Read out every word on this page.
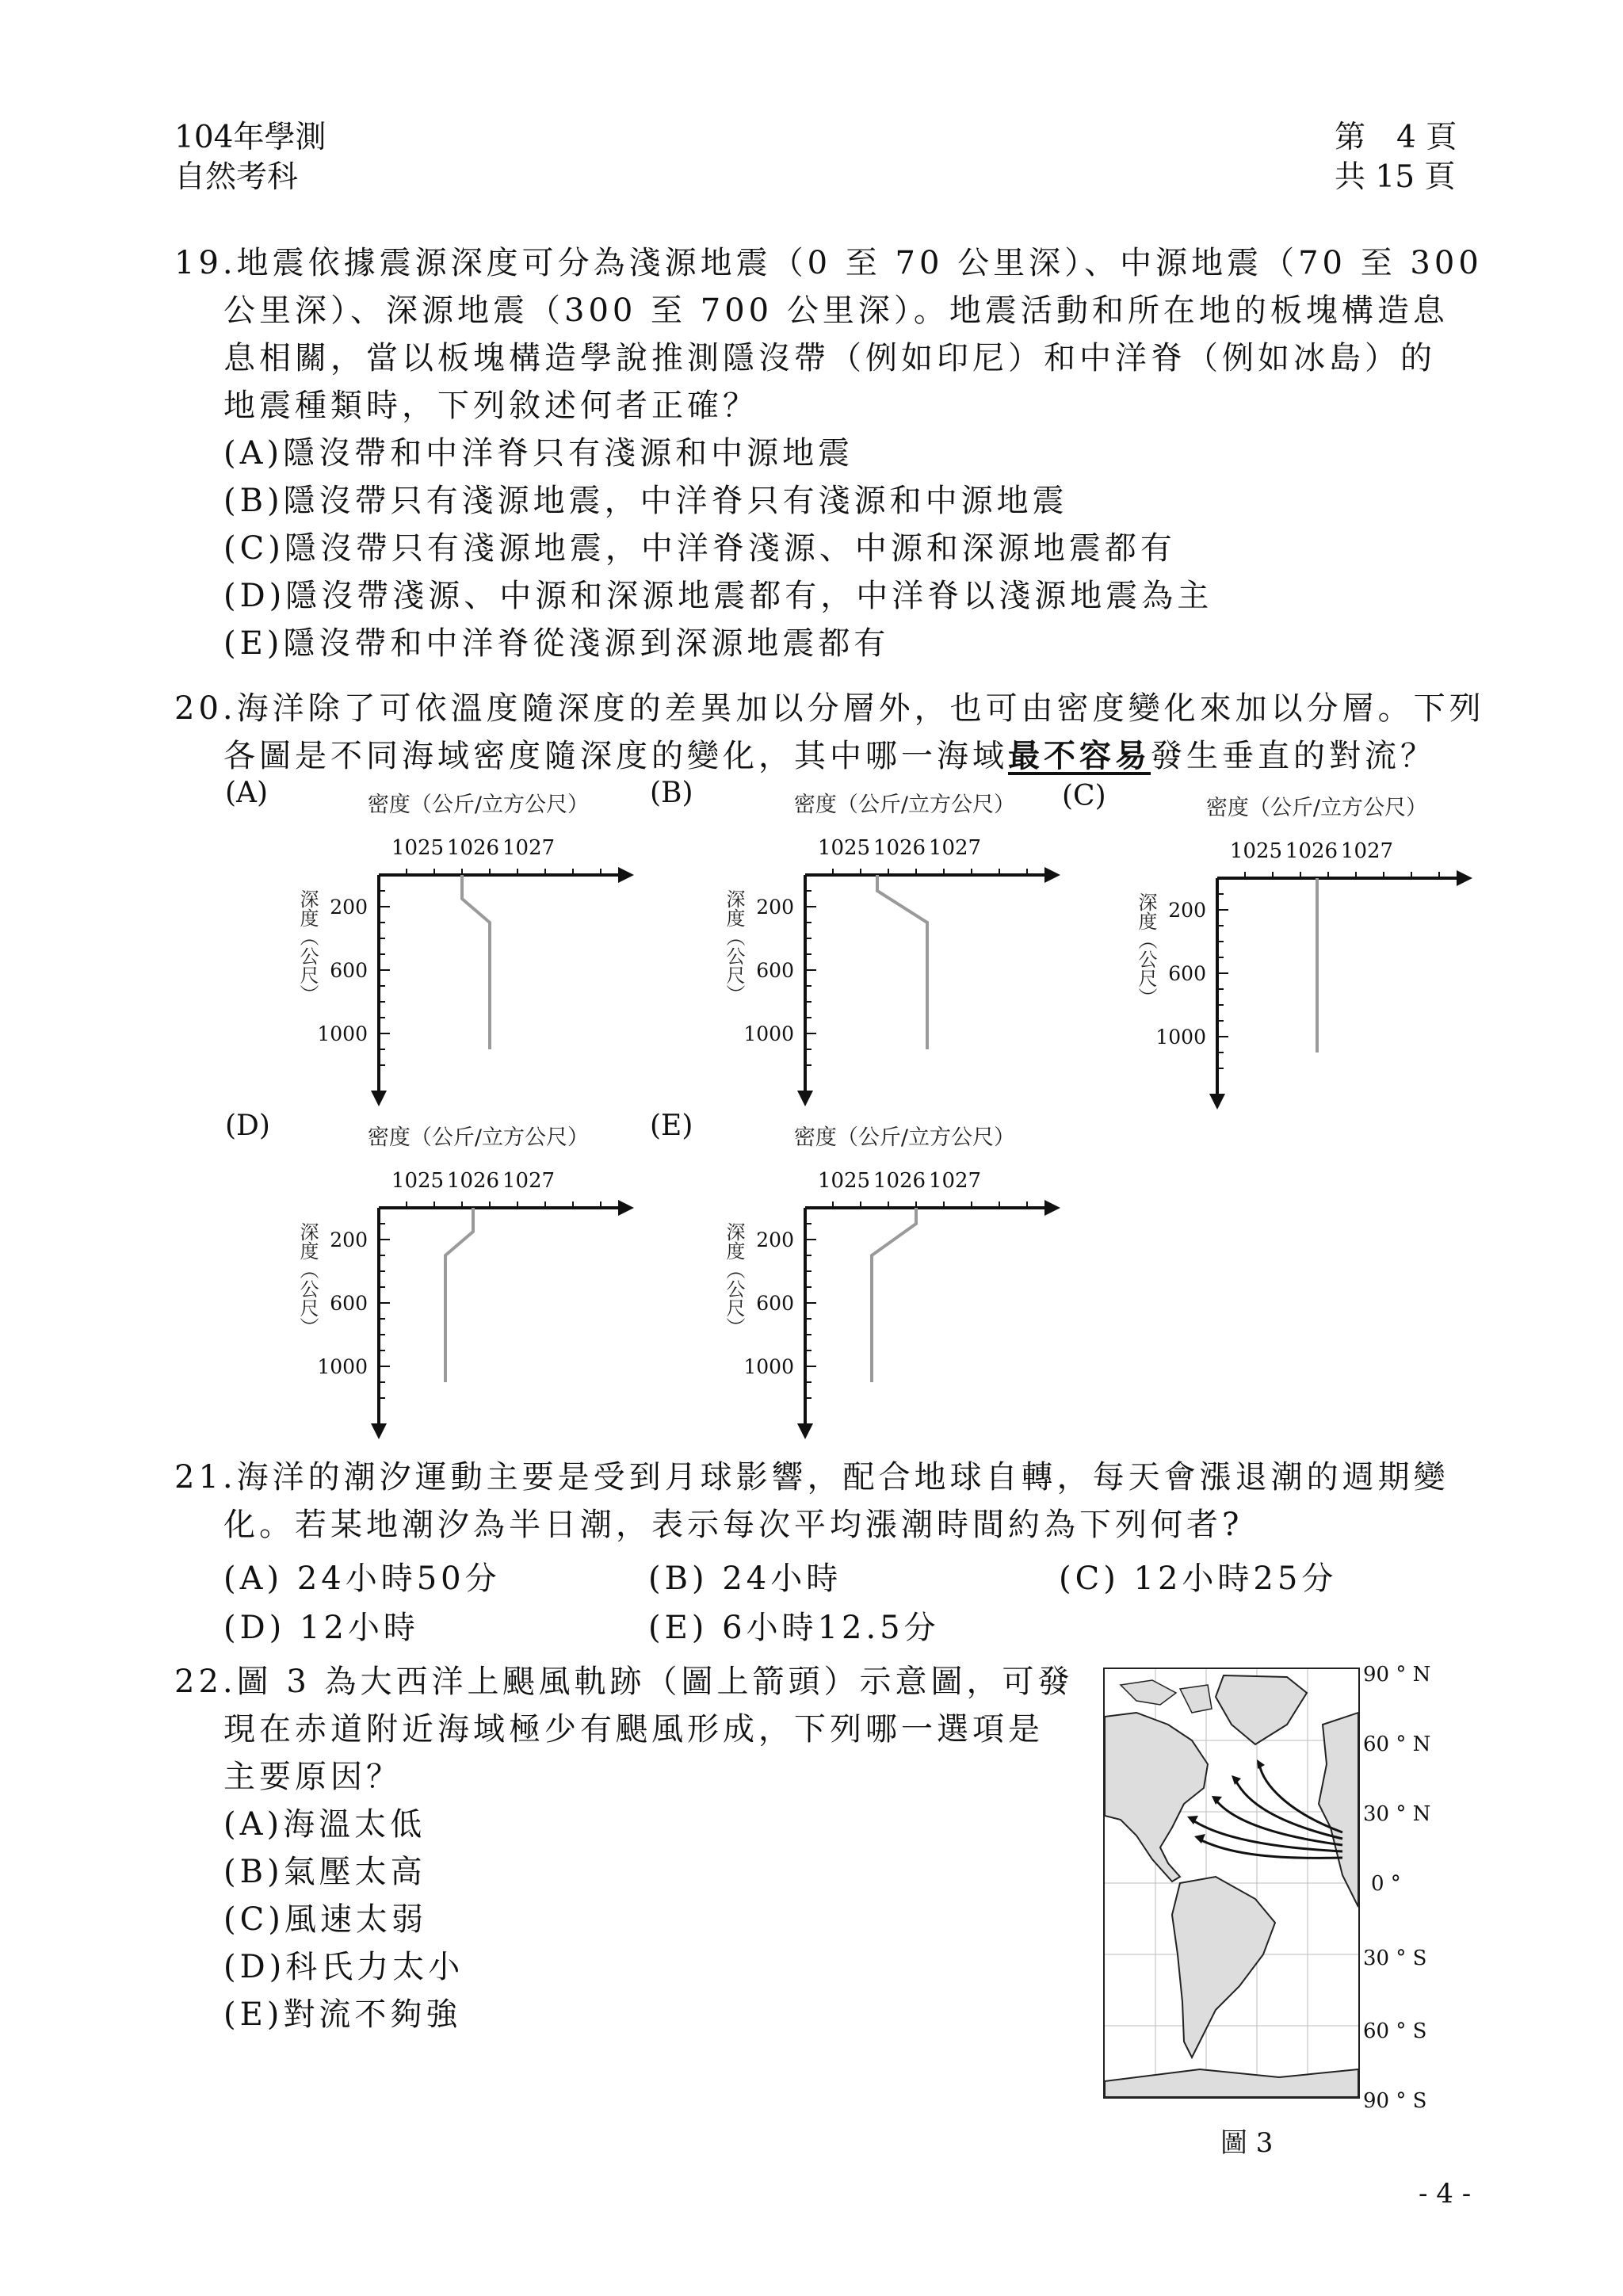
104年學測
自然考科
第　4 頁
共 15 頁
19.地震依據震源深度可分為淺源地震（0 至 70 公里深）、中源地震（70 至 300
公里深）、深源地震（300 至 700 公里深）。地震活動和所在地的板塊構造息
息相關，當以板塊構造學說推測隱沒帶（例如印尼）和中洋脊（例如冰島）的
地震種類時，下列敘述何者正確？
(A)隱沒帶和中洋脊只有淺源和中源地震
(B)隱沒帶只有淺源地震，中洋脊只有淺源和中源地震
(C)隱沒帶只有淺源地震，中洋脊淺源、中源和深源地震都有
(D)隱沒帶淺源、中源和深源地震都有，中洋脊以淺源地震為主
(E)隱沒帶和中洋脊從淺源到深源地震都有
20.海洋除了可依溫度隨深度的差異加以分層外，也可由密度變化來加以分層。下列
各圖是不同海域密度隨深度的變化，其中哪一海域最不容易發生垂直的對流？
(A)	密度（公斤/立方公尺）
1025 1026 1027
200
600
1000
深度（公尺）
(B)	密度（公斤/立方公尺）
1025 1026 1027
200
600
1000
深度（公尺）
(C)	密度（公斤/立方公尺）
1025 1026 1027
200
600
1000
深度（公尺）
(D)	密度（公斤/立方公尺）
1025 1026 1027
200
600
1000
深度（公尺）
(E)	密度（公斤/立方公尺）
1025 1026 1027
200
600
1000
深度（公尺）
21.海洋的潮汐運動主要是受到月球影響，配合地球自轉，每天會漲退潮的週期變
化。若某地潮汐為半日潮，表示每次平均漲潮時間約為下列何者?
(A) 24小時50分	(B) 24小時	(C) 12小時25分
(D) 12小時	(E) 6小時12.5分
22.圖 3 為大西洋上颶風軌跡（圖上箭頭）示意圖，可發
現在赤道附近海域極少有颶風形成，下列哪一選項是
主要原因？
(A)海溫太低
(B)氣壓太高
(C)風速太弱
(D)科氏力太小
(E)對流不夠強
90 ° N
60 ° N
30 ° N
0 °
30 ° S
60 ° S
90 ° S
圖 3
- 4 -
